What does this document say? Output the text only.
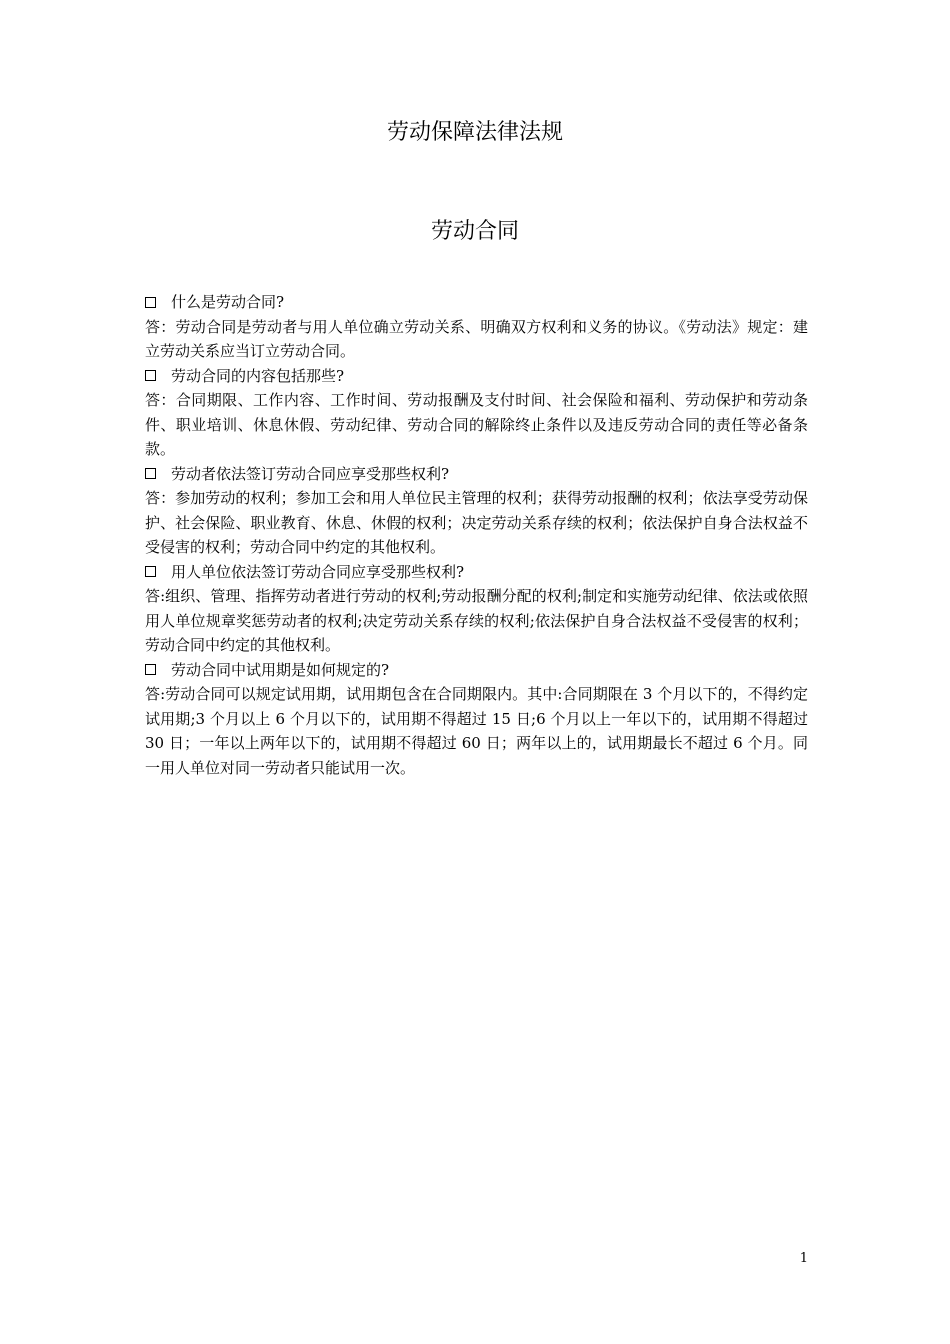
劳动保障法律法规
劳动合同

什么是劳动合同?

答：劳动合同是劳动者与用人单位确立劳动关系、明确双方权利和义务的协议。《劳动法》规定：建立劳动关系应当订立劳动合同。

劳动合同的内容包括那些?

答：合同期限、工作内容、工作时间、劳动报酬及支付时间、社会保险和福利、劳动保护和劳动条件、职业培训、休息休假、劳动纪律、劳动合同的解除终止条件以及违反劳动合同的责任等必备条款。

劳动者依法签订劳动合同应享受那些权利?

答：参加劳动的权利；参加工会和用人单位民主管理的权利；获得劳动报酬的权利；依法享受劳动保护、社会保险、职业教育、休息、休假的权利；决定劳动关系存续的权利；依法保护自身合法权益不受侵害的权利；劳动合同中约定的其他权利。

用人单位依法签订劳动合同应享受那些权利?

答:组织、管理、指挥劳动者进行劳动的权利;劳动报酬分配的权利;制定和实施劳动纪律、依法或依照用人单位规章奖惩劳动者的权利;决定劳动关系存续的权利;依法保护自身合法权益不受侵害的权利；劳动合同中约定的其他权利。

劳动合同中试用期是如何规定的?

答:劳动合同可以规定试用期，试用期包含在合同期限内。其中:合同期限在 3 个月以下的，不得约定试用期;3 个月以上 6 个月以下的，试用期不得超过 15 日;6 个月以上一年以下的，试用期不得超过 30 日；一年以上两年以下的，试用期不得超过 60 日；两年以上的，试用期最长不超过 6 个月。同一用人单位对同一劳动者只能试用一次。

1
